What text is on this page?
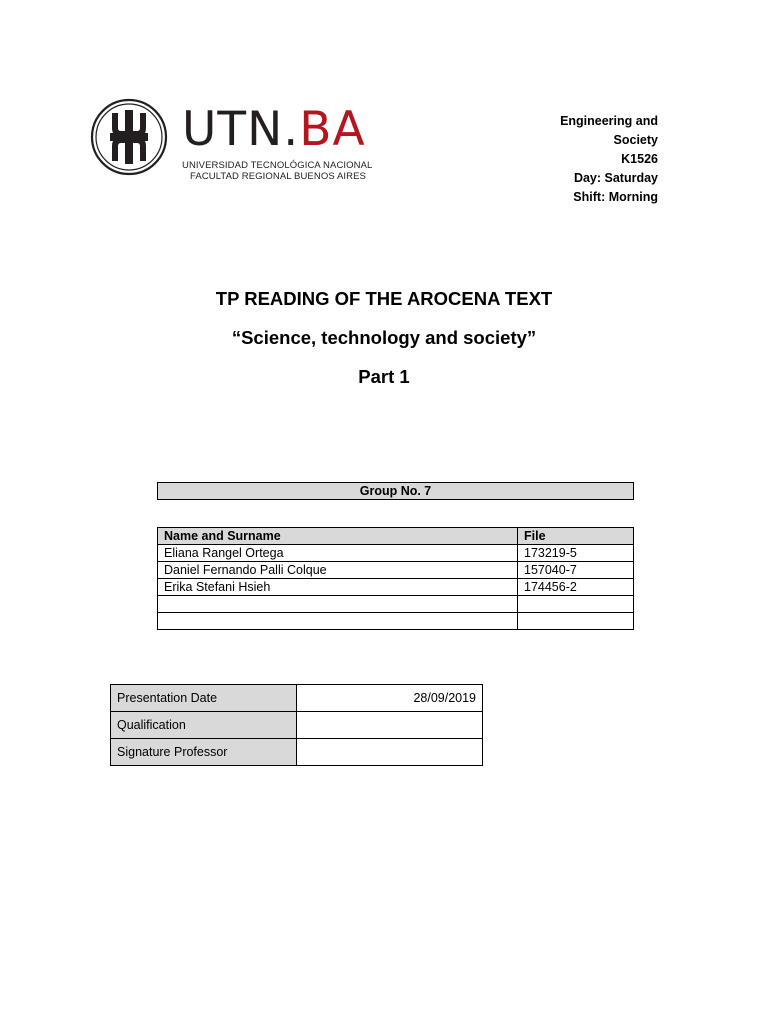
UTN.BA
UNIVERSIDAD TECNOLÓGICA NACIONAL
FACULTAD REGIONAL BUENOS AIRES
Engineering and
Society
K1526
Day: Saturday
Shift: Morning
TP READING OF THE AROCENA TEXT
“Science, technology and society”
Part 1
Group No. 7
Name and Surname	File
Eliana Rangel Ortega	173219-5
Daniel Fernando Palli Colque	157040-7
Erika Stefani Hsieh	174456-2

Presentation Date	28/09/2019
Qualification	
Signature Professor	
